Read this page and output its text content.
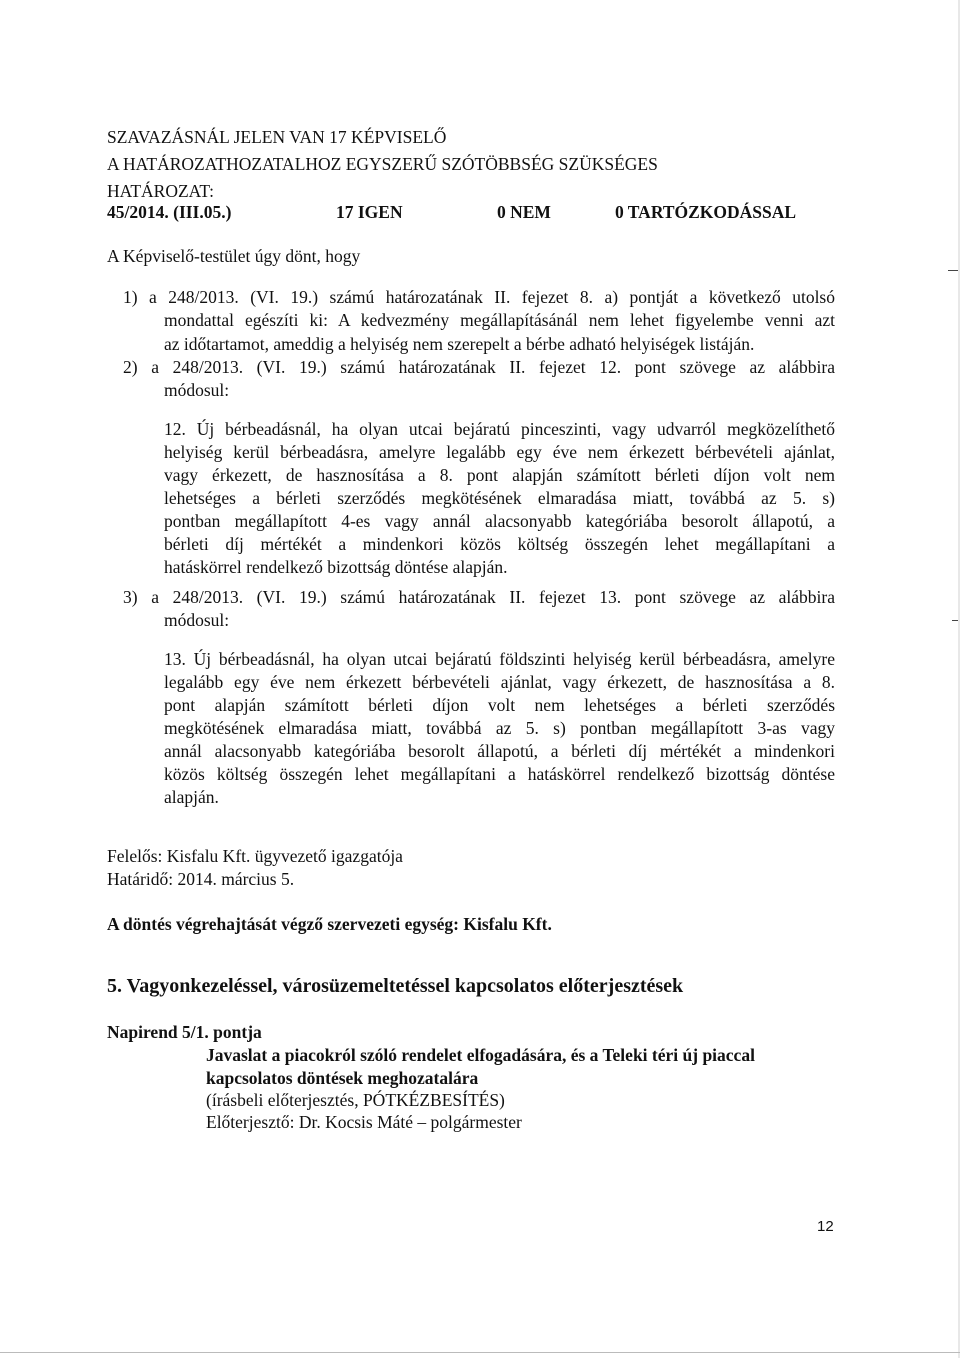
SZAVAZÁSNÁL JELEN VAN 17 KÉPVISELŐ
A HATÁROZATHOZATALHOZ EGYSZERŰ SZÓTÖBBSÉG SZÜKSÉGES
HATÁROZAT:
45/2014. (III.05.)	17 IGEN	0 NEM	0 TARTÓZKODÁSSAL
A Képviselő-testület úgy dönt, hogy
1) a 248/2013. (VI. 19.) számú határozatának II. fejezet 8. a) pontját a következő utolsó
mondattal egészíti ki: A kedvezmény megállapításánál nem lehet figyelembe venni azt
az időtartamot, ameddig a helyiség nem szerepelt a bérbe adható helyiségek listáján.
2) a 248/2013. (VI. 19.) számú határozatának II. fejezet 12. pont szövege az alábbira
módosul:
12. Új bérbeadásnál, ha olyan utcai bejáratú pinceszinti, vagy udvarról megközelíthető
helyiség kerül bérbeadásra, amelyre legalább egy éve nem érkezett bérbevételi ajánlat,
vagy érkezett, de hasznosítása a 8. pont alapján számított bérleti díjon volt nem
lehetséges a bérleti szerződés megkötésének elmaradása miatt, továbbá az 5. s)
pontban megállapított 4-es vagy annál alacsonyabb kategóriába besorolt állapotú, a
bérleti díj mértékét a mindenkori közös költség összegén lehet megállapítani a
hatáskörrel rendelkező bizottság döntése alapján.
3) a 248/2013. (VI. 19.) számú határozatának II. fejezet 13. pont szövege az alábbira
módosul:
13. Új bérbeadásnál, ha olyan utcai bejáratú földszinti helyiség kerül bérbeadásra, amelyre
legalább egy éve nem érkezett bérbevételi ajánlat, vagy érkezett, de hasznosítása a 8.
pont alapján számított bérleti díjon volt nem lehetséges a bérleti szerződés
megkötésének elmaradása miatt, továbbá az 5. s) pontban megállapított 3-as vagy
annál alacsonyabb kategóriába besorolt állapotú, a bérleti díj mértékét a mindenkori
közös költség összegén lehet megállapítani a hatáskörrel rendelkező bizottság döntése
alapján.
Felelős: Kisfalu Kft. ügyvezető igazgatója
Határidő: 2014. március 5.
A döntés végrehajtását végző szervezeti egység: Kisfalu Kft.
5. Vagyonkezeléssel, városüzemeltetéssel kapcsolatos előterjesztések
Napirend 5/1. pontja
Javaslat a piacokról szóló rendelet elfogadására, és a Teleki téri új piaccal
kapcsolatos döntések meghozatalára
(írásbeli előterjesztés, PÓTKÉZBESÍTÉS)
Előterjesztő: Dr. Kocsis Máté – polgármester
12
